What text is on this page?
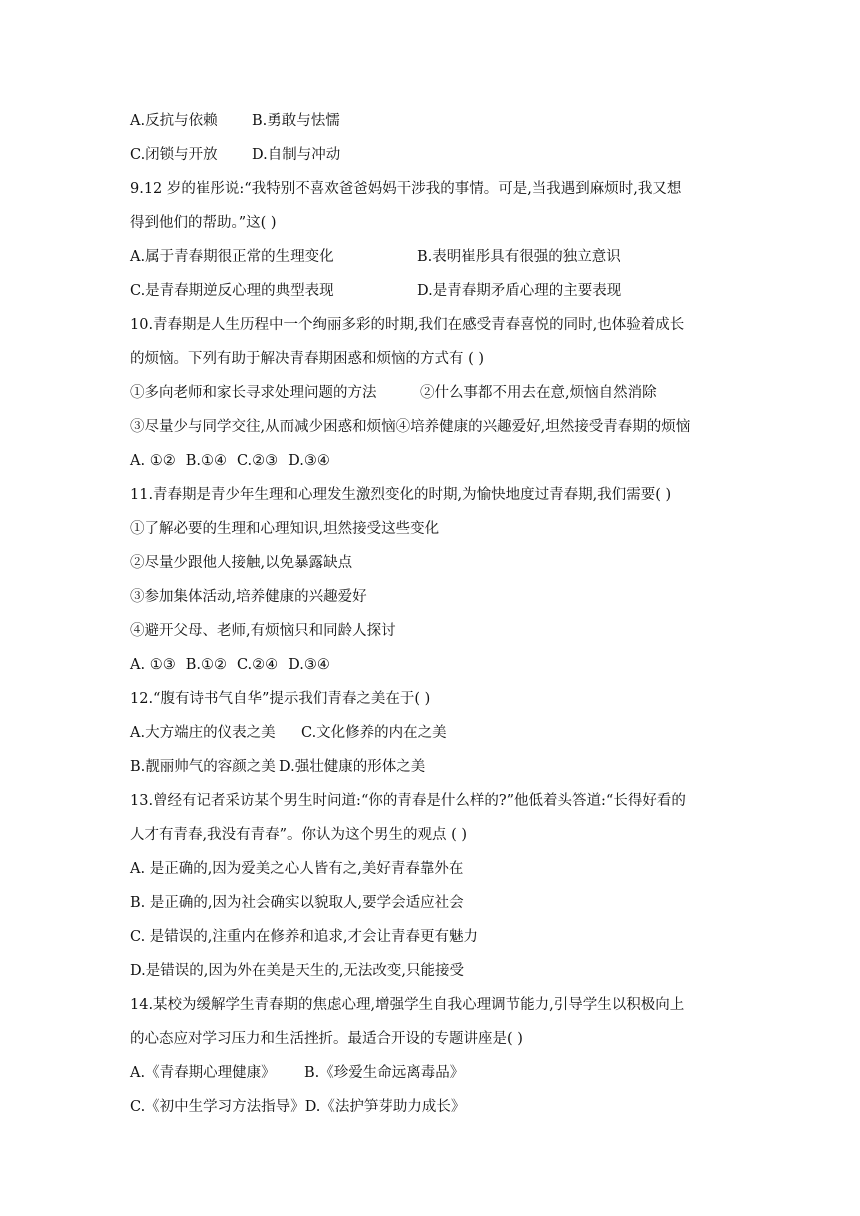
A.反抗与依赖 B.勇敢与怯懦
C.闭锁与开放 D.自制与冲动
9.12 岁的崔彤说:“我特别不喜欢爸爸妈妈干涉我的事情。可是,当我遇到麻烦时,我又想
得到他们的帮助。”这( )
A.属于青春期很正常的生理变化	B.表明崔彤具有很强的独立意识
C.是青春期逆反心理的典型表现	D.是青春期矛盾心理的主要表现
10.青春期是人生历程中一个绚丽多彩的时期,我们在感受青春喜悦的同时,也体验着成长
的烦恼。下列有助于解决青春期困惑和烦恼的方式有 ( )
①多向老师和家长寻求处理问题的方法	②什么事都不用去在意,烦恼自然消除
③尽量少与同学交往,从而减少困惑和烦恼④培养健康的兴趣爱好,坦然接受青春期的烦恼
A. ①② B.①④ C.②③ D.③④
11.青春期是青少年生理和心理发生激烈变化的时期,为愉快地度过青春期,我们需要( )
①了解必要的生理和心理知识,坦然接受这些变化
②尽量少跟他人接触,以免暴露缺点
③参加集体活动,培养健康的兴趣爱好
④避开父母、老师,有烦恼只和同龄人探讨
A. ①③ B.①② C.②④ D.③④
12.“腹有诗书气自华”提示我们青春之美在于( )
A.大方端庄的仪表之美 C.文化修养的内在之美
B.靓丽帅气的容颜之美 D.强壮健康的形体之美
13.曾经有记者采访某个男生时问道:“你的青春是什么样的?”他低着头答道:“长得好看的
人才有青春,我没有青春”。你认为这个男生的观点 ( )
A. 是正确的,因为爱美之心人皆有之,美好青春靠外在
B. 是正确的,因为社会确实以貌取人,要学会适应社会
C. 是错误的,注重内在修养和追求,才会让青春更有魅力
D.是错误的,因为外在美是天生的,无法改变,只能接受
14.某校为缓解学生青春期的焦虑心理,增强学生自我心理调节能力,引导学生以积极向上
的心态应对学习压力和生活挫折。最适合开设的专题讲座是( )
A.《青春期心理健康》 B.《珍爱生命远离毒品》
C.《初中生学习方法指导》D.《法护笋芽助力成长》
